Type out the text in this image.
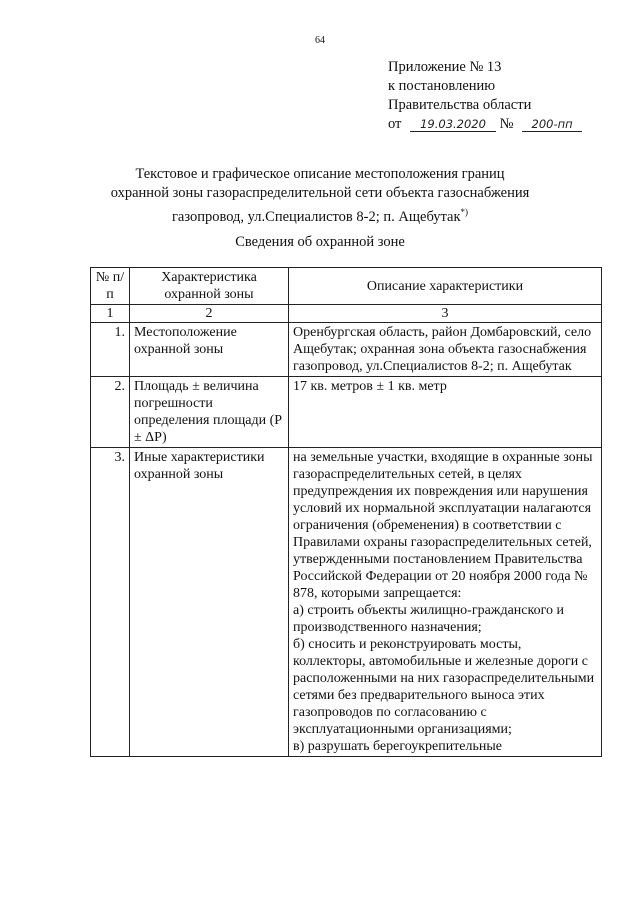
64
Приложение № 13
к постановлению
Правительства области
от 19.03.2020 № 200-пп
Текстовое и графическое описание местоположения границ
охранной зоны газораспределительной сети объекта газоснабжения
газопровод, ул.Специалистов 8-2; п. Ащебутак*)
Сведения об охранной зоне
№ п/п	Характеристика охранной зоны	Описание характеристики
1	2	3
1.	Местоположение охранной зоны	Оренбургская область, район Домбаровский, село Ащебутак; охранная зона объекта газоснабжения газопровод, ул.Специалистов 8-2; п. Ащебутак
2.	Площадь ± величина погрешности определения площади (Р ± ΔР)	17 кв. метров ± 1 кв. метр
3.	Иные характеристики охранной зоны	на земельные участки, входящие в охранные зоны газораспределительных сетей, в целях предупреждения их повреждения или нарушения условий их нормальной эксплуатации налагаются ограничения (обременения) в соответствии с Правилами охраны газораспределительных сетей, утвержденными постановлением Правительства Российской Федерации от 20 ноября 2000 года № 878, которыми запрещается:
а) строить объекты жилищно-гражданского и производственного назначения;
б) сносить и реконструировать мосты, коллекторы, автомобильные и железные дороги с расположенными на них газораспределительными сетями без предварительного выноса этих газопроводов по согласованию с эксплуатационными организациями;
в) разрушать берегоукрепительные
